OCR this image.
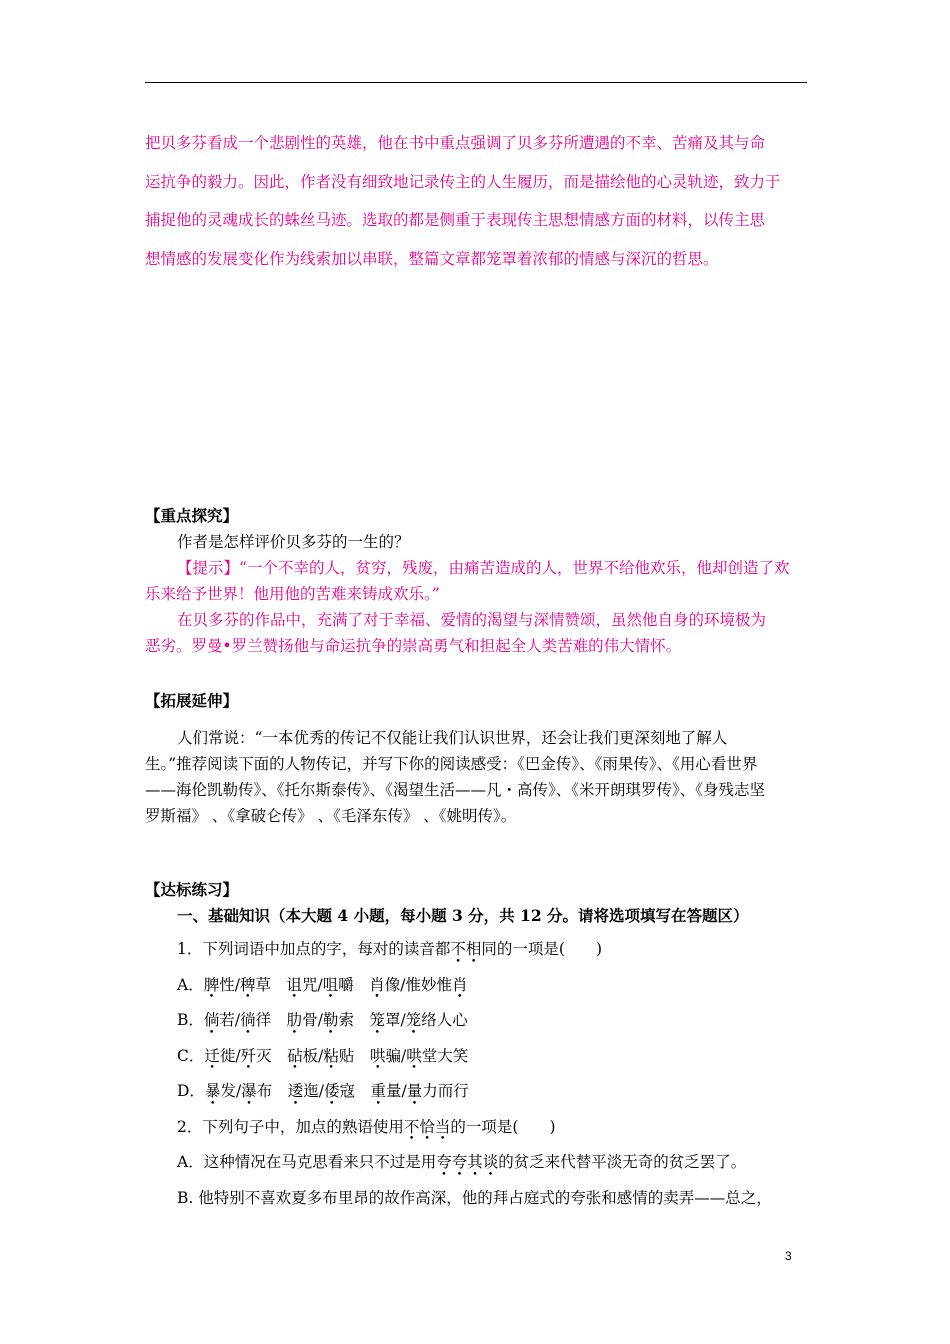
把贝多芬看成一个悲剧性的英雄，他在书中重点强调了贝多芬所遭遇的不幸、苦痛及其与命
运抗争的毅力。因此，作者没有细致地记录传主的人生履历，而是描绘他的心灵轨迹，致力于
捕捉他的灵魂成长的蛛丝马迹。选取的都是侧重于表现传主思想情感方面的材料，以传主思
想情感的发展变化作为线索加以串联，整篇文章都笼罩着浓郁的情感与深沉的哲思。
【重点探究】
作者是怎样评价贝多芬的一生的？
【提示】“一个不幸的人，贫穷，残废，由痛苦造成的人，世界不给他欢乐，他却创造了欢
乐来给予世界！他用他的苦难来铸成欢乐。”
在贝多芬的作品中，充满了对于幸福、爱情的渴望与深情赞颂，虽然他自身的环境极为
恶劣。罗曼•罗兰赞扬他与命运抗争的崇高勇气和担起全人类苦难的伟大情怀。
【拓展延伸】
人们常说：“一本优秀的传记不仅能让我们认识世界，还会让我们更深刻地了解人
生。”推荐阅读下面的人物传记，并写下你的阅读感受：《巴金传》、《雨果传》、《用心看世界
——海伦凯勒传》、《托尔斯泰传》、《渴望生活——凡・高传》、《米开朗琪罗传》、《身残志坚
罗斯福》 、《拿破仑传》 、《毛泽东传》 、《姚明传》。
【达标练习】
一、基础知识（本大题 4 小题，每小题 3 分，共 12 分。请将选项填写在答题区）
1．下列词语中加点的字，每对的读音都不相同的一项是(　　)
A．脾性/稗草　诅咒/咀嚼　肖像/惟妙惟肖
B．倘若/徜徉　肋骨/勒索　笼罩/笼络人心
C．迁徙/歼灭　砧板/粘贴　哄骗/哄堂大笑
D．暴发/瀑布　逶迤/倭寇　重量/量力而行
2．下列句子中，加点的熟语使用不恰当的一项是(　　)
A．这种情况在马克思看来只不过是用夸夸其谈的贫乏来代替平淡无奇的贫乏罢了。
B. 他特别不喜欢夏多布里昂的故作高深，他的拜占庭式的夸张和感情的卖弄——总之，
3
